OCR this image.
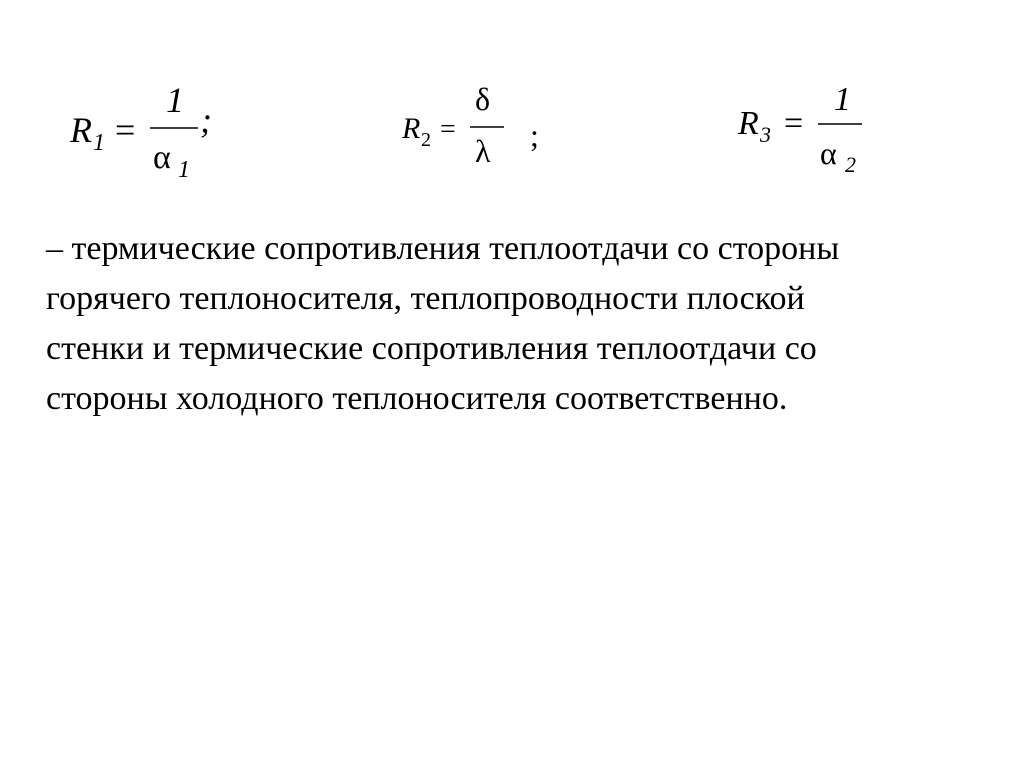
R 1 =
1
α 1
;	R 2 =
δ
λ ;	R 3 =
1
α 2

– термические сопротивления теплоотдачи со стороны
горячего теплоносителя, теплопроводности плоской
стенки и термические сопротивления теплоотдачи со
стороны холодного теплоносителя соответственно.
